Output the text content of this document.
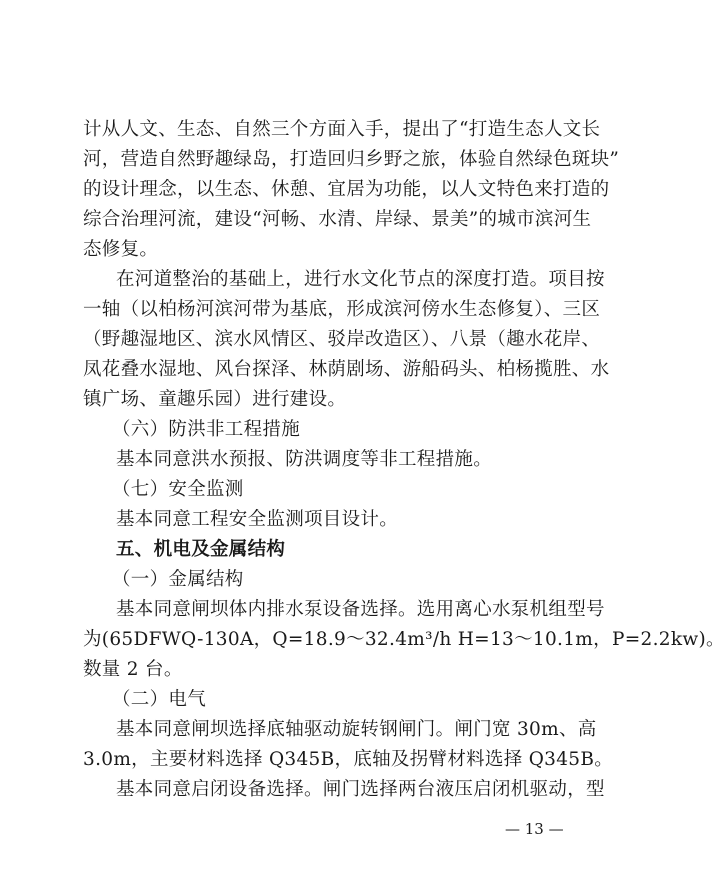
计从人文、生态、自然三个方面入手，提出了“打造生态人文长
河，营造自然野趣绿岛，打造回归乡野之旅，体验自然绿色斑块”
的设计理念，以生态、休憩、宜居为功能，以人文特色来打造的
综合治理河流，建设“河畅、水清、岸绿、景美”的城市滨河生
态修复。
在河道整治的基础上，进行水文化节点的深度打造。项目按
一轴（以柏杨河滨河带为基底，形成滨河傍水生态修复）、三区
（野趣湿地区、滨水风情区、驳岸改造区）、八景（趣水花岸、
凤花叠水湿地、风台探泽、林荫剧场、游船码头、柏杨揽胜、水
镇广场、童趣乐园）进行建设。
（六）防洪非工程措施
基本同意洪水预报、防洪调度等非工程措施。
（七）安全监测
基本同意工程安全监测项目设计。
五、机电及金属结构
（一）金属结构
基本同意闸坝体内排水泵设备选择。选用离心水泵机组型号
为(65DFWQ-130A，Q=18.9～32.4m³/h H=13～10.1m，P=2.2kw)。
数量 2 台。
（二）电气
基本同意闸坝选择底轴驱动旋转钢闸门。闸门宽 30m、高
3.0m，主要材料选择 Q345B，底轴及拐臂材料选择 Q345B。
基本同意启闭设备选择。闸门选择两台液压启闭机驱动，型
— 13 —
